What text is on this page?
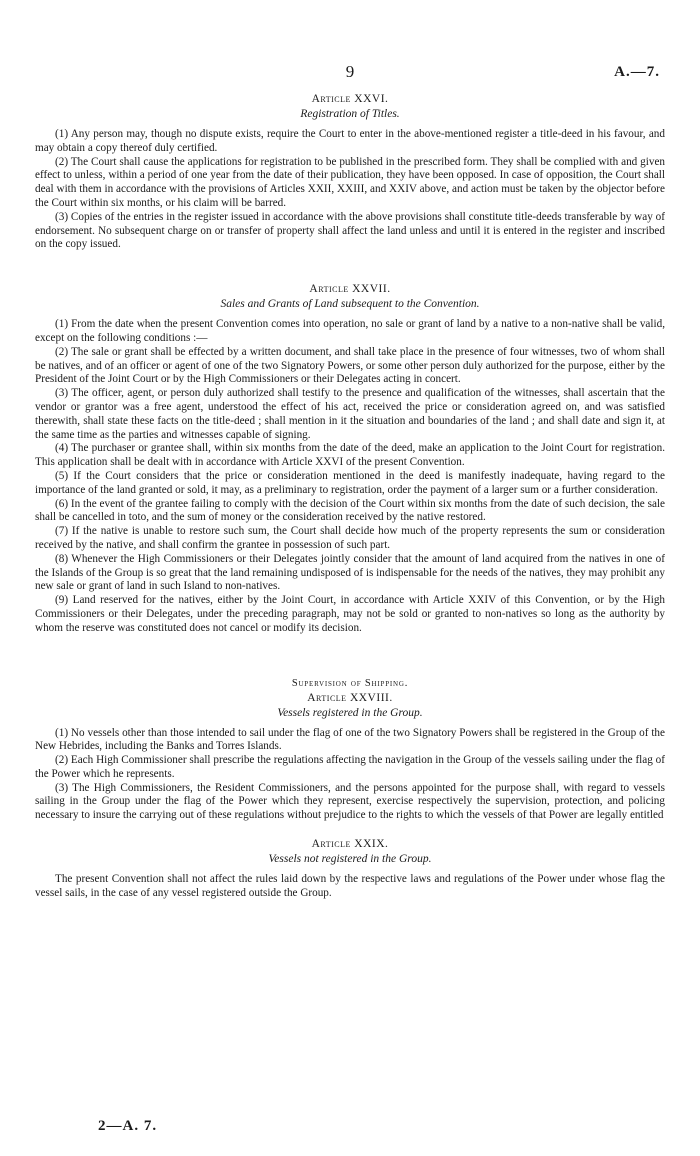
9	A.—7.
Article XXVI.
Registration of Titles.

(1) Any person may, though no dispute exists, require the Court to enter in the above-mentioned register a title-deed in his favour, and may obtain a copy thereof duly certified.

(2) The Court shall cause the applications for registration to be published in the prescribed form. They shall be complied with and given effect to unless, within a period of one year from the date of their publication, they have been opposed. In case of opposition, the Court shall deal with them in accordance with the provisions of Articles XXII, XXIII, and XXIV above, and action must be taken by the objector before the Court within six months, or his claim will be barred.

(3) Copies of the entries in the register issued in accordance with the above provisions shall constitute title-deeds transferable by way of endorsement. No subsequent charge on or transfer of property shall affect the land unless and until it is entered in the register and inscribed on the copy issued.

Article XXVII.
Sales and Grants of Land subsequent to the Convention.

(1) From the date when the present Convention comes into operation, no sale or grant of land by a native to a non-native shall be valid, except on the following conditions :—

(2) The sale or grant shall be effected by a written document, and shall take place in the presence of four witnesses, two of whom shall be natives, and of an officer or agent of one of the two Signatory Powers, or some other person duly authorized for the purpose, either by the President of the Joint Court or by the High Commissioners or their Delegates acting in concert.

(3) The officer, agent, or person duly authorized shall testify to the presence and qualification of the witnesses, shall ascertain that the vendor or grantor was a free agent, understood the effect of his act, received the price or consideration agreed on, and was satisfied therewith, shall state these facts on the title-deed ; shall mention in it the situation and boundaries of the land ; and shall date and sign it, at the same time as the parties and witnesses capable of signing.

(4) The purchaser or grantee shall, within six months from the date of the deed, make an application to the Joint Court for registration. This application shall be dealt with in accordance with Article XXVI of the present Convention.

(5) If the Court considers that the price or consideration mentioned in the deed is manifestly inadequate, having regard to the importance of the land granted or sold, it may, as a preliminary to registration, order the payment of a larger sum or a further consideration.

(6) In the event of the grantee failing to comply with the decision of the Court within six months from the date of such decision, the sale shall be cancelled in toto, and the sum of money or the consideration received by the native restored.

(7) If the native is unable to restore such sum, the Court shall decide how much of the property represents the sum or consideration received by the native, and shall confirm the grantee in possession of such part.

(8) Whenever the High Commissioners or their Delegates jointly consider that the amount of land acquired from the natives in one of the Islands of the Group is so great that the land remaining undisposed of is indispensable for the needs of the natives, they may prohibit any new sale or grant of land in such Island to non-natives.

(9) Land reserved for the natives, either by the Joint Court, in accordance with Article XXIV of this Convention, or by the High Commissioners or their Delegates, under the preceding paragraph, may not be sold or granted to non-natives so long as the authority by whom the reserve was constituted does not cancel or modify its decision.

Supervision of Shipping.
Article XXVIII.
Vessels registered in the Group.

(1) No vessels other than those intended to sail under the flag of one of the two Signatory Powers shall be registered in the Group of the New Hebrides, including the Banks and Torres Islands.

(2) Each High Commissioner shall prescribe the regulations affecting the navigation in the Group of the vessels sailing under the flag of the Power which he represents.

(3) The High Commissioners, the Resident Commissioners, and the persons appointed for the purpose shall, with regard to vessels sailing in the Group under the flag of the Power which they represent, exercise respectively the supervision, protection, and policing necessary to insure the carrying out of these regulations without prejudice to the rights to which the vessels of that Power are legally entitled

Article XXIX.
Vessels not registered in the Group.

The present Convention shall not affect the rules laid down by the respective laws and regulations of the Power under whose flag the vessel sails, in the case of any vessel registered outside the Group.

2—A. 7.
